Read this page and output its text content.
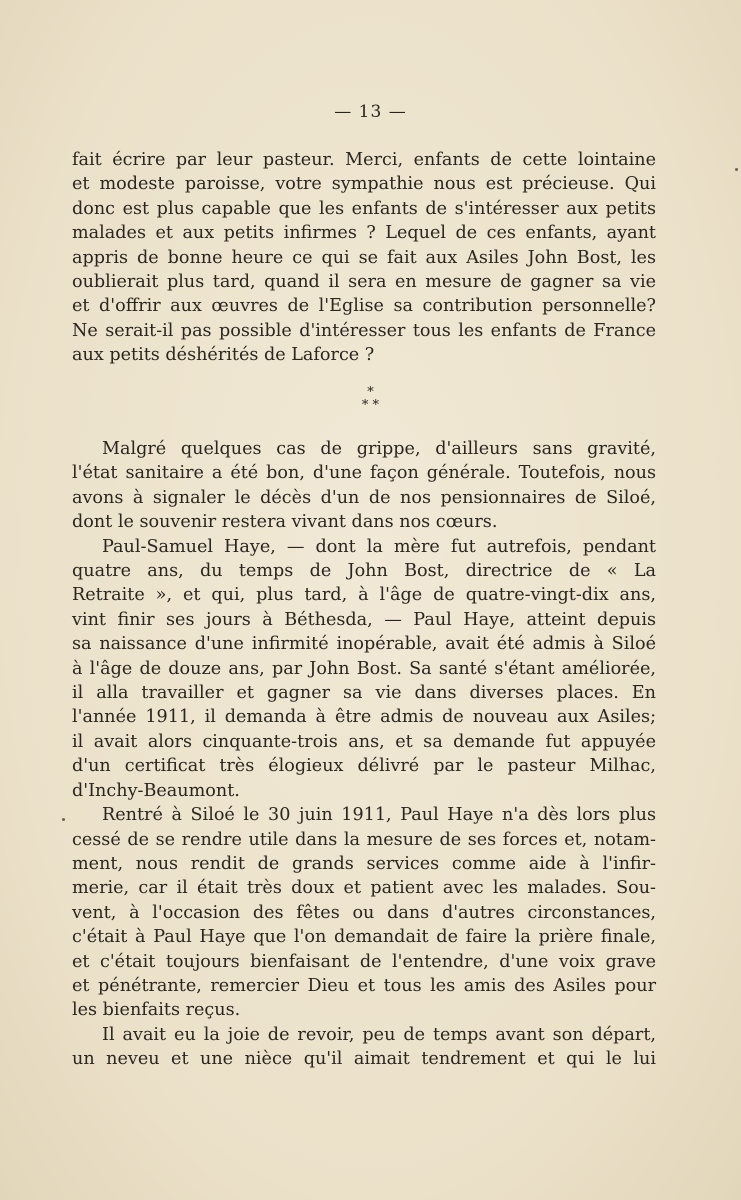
— 13 —
fait écrire par leur pasteur. Merci, enfants de cette lointaine
et modeste paroisse, votre sympathie nous est précieuse. Qui
donc est plus capable que les enfants de s'intéresser aux petits
malades et aux petits infirmes ? Lequel de ces enfants, ayant
appris de bonne heure ce qui se fait aux Asiles John Bost, les
oublierait plus tard, quand il sera en mesure de gagner sa vie
et d'offrir aux œuvres de l'Eglise sa contribution personnelle?
Ne serait-il pas possible d'intéresser tous les enfants de France
aux petits déshérités de Laforce ?
*
* *
Malgré quelques cas de grippe, d'ailleurs sans gravité,
l'état sanitaire a été bon, d'une façon générale. Toutefois, nous
avons à signaler le décès d'un de nos pensionnaires de Siloé,
dont le souvenir restera vivant dans nos cœurs.
Paul-Samuel Haye, — dont la mère fut autrefois, pendant
quatre ans, du temps de John Bost, directrice de « La
Retraite », et qui, plus tard, à l'âge de quatre-vingt-dix ans,
vint finir ses jours à Béthesda, — Paul Haye, atteint depuis
sa naissance d'une infirmité inopérable, avait été admis à Siloé
à l'âge de douze ans, par John Bost. Sa santé s'étant améliorée,
il alla travailler et gagner sa vie dans diverses places. En
l'année 1911, il demanda à être admis de nouveau aux Asiles;
il avait alors cinquante-trois ans, et sa demande fut appuyée
d'un certificat très élogieux délivré par le pasteur Milhac,
d'Inchy-Beaumont.
Rentré à Siloé le 30 juin 1911, Paul Haye n'a dès lors plus
cessé de se rendre utile dans la mesure de ses forces et, notam-
ment, nous rendit de grands services comme aide à l'infir-
merie, car il était très doux et patient avec les malades. Sou-
vent, à l'occasion des fêtes ou dans d'autres circonstances,
c'était à Paul Haye que l'on demandait de faire la prière finale,
et c'était toujours bienfaisant de l'entendre, d'une voix grave
et pénétrante, remercier Dieu et tous les amis des Asiles pour
les bienfaits reçus.
Il avait eu la joie de revoir, peu de temps avant son départ,
un neveu et une nièce qu'il aimait tendrement et qui le lui
